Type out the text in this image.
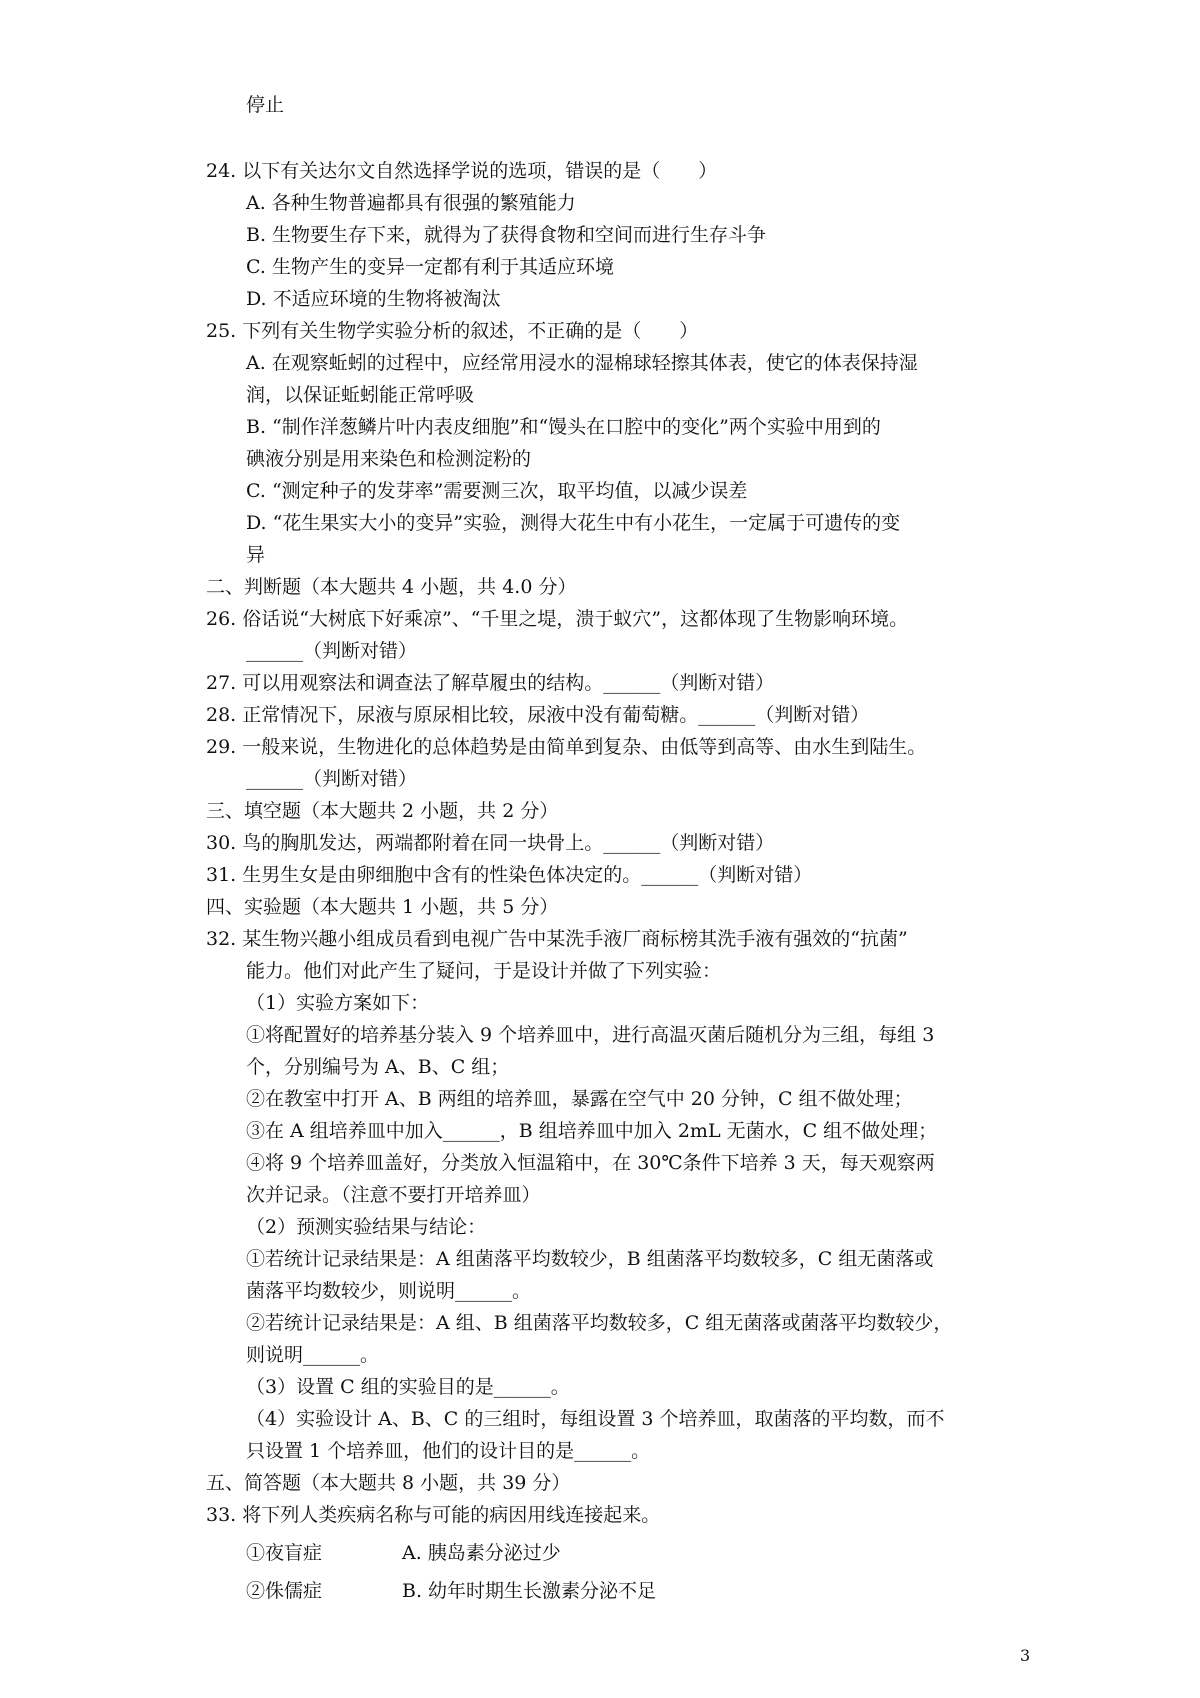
停止
24. 以下有关达尔文自然选择学说的选项，错误的是（　　）
A. 各种生物普遍都具有很强的繁殖能力
B. 生物要生存下来，就得为了获得食物和空间而进行生存斗争
C. 生物产生的变异一定都有利于其适应环境
D. 不适应环境的生物将被淘汰
25. 下列有关生物学实验分析的叙述，不正确的是（　　）
A. 在观察蚯蚓的过程中，应经常用浸水的湿棉球轻擦其体表，使它的体表保持湿
润，以保证蚯蚓能正常呼吸
B. “制作洋葱鳞片叶内表皮细胞”和“馒头在口腔中的变化”两个实验中用到的
碘液分别是用来染色和检测淀粉的
C. “测定种子的发芽率”需要测三次，取平均值，以减少误差
D. “花生果实大小的变异”实验，测得大花生中有小花生，一定属于可遗传的变
异
二、判断题（本大题共 4 小题，共 4.0 分）
26. 俗话说“大树底下好乘凉”、“千里之堤，溃于蚁穴”，这都体现了生物影响环境。
______（判断对错）
27. 可以用观察法和调查法了解草履虫的结构。______（判断对错）
28. 正常情况下，尿液与原尿相比较，尿液中没有葡萄糖。______（判断对错）
29. 一般来说，生物进化的总体趋势是由简单到复杂、由低等到高等、由水生到陆生。
______（判断对错）
三、填空题（本大题共 2 小题，共 2 分）
30. 鸟的胸肌发达，两端都附着在同一块骨上。______（判断对错）
31. 生男生女是由卵细胞中含有的性染色体决定的。______（判断对错）
四、实验题（本大题共 1 小题，共 5 分）
32. 某生物兴趣小组成员看到电视广告中某洗手液厂商标榜其洗手液有强效的“抗菌”
能力。他们对此产生了疑问，于是设计并做了下列实验：
（1）实验方案如下：
①将配置好的培养基分装入 9 个培养皿中，进行高温灭菌后随机分为三组，每组 3
个，分别编号为 A、B、C 组；
②在教室中打开 A、B 两组的培养皿，暴露在空气中 20 分钟，C 组不做处理；
③在 A 组培养皿中加入______，B 组培养皿中加入 2mL 无菌水，C 组不做处理；
④将 9 个培养皿盖好，分类放入恒温箱中，在 30℃条件下培养 3 天，每天观察两
次并记录。（注意不要打开培养皿）
（2）预测实验结果与结论：
①若统计记录结果是：A 组菌落平均数较少，B 组菌落平均数较多，C 组无菌落或
菌落平均数较少，则说明______。
②若统计记录结果是：A 组、B 组菌落平均数较多，C 组无菌落或菌落平均数较少，
则说明______。
（3）设置 C 组的实验目的是______。
（4）实验设计 A、B、C 的三组时，每组设置 3 个培养皿，取菌落的平均数，而不
只设置 1 个培养皿，他们的设计目的是______。
五、简答题（本大题共 8 小题，共 39 分）
33. 将下列人类疾病名称与可能的病因用线连接起来。
①夜盲症	A. 胰岛素分泌过少
②侏儒症	B. 幼年时期生长激素分泌不足
3
